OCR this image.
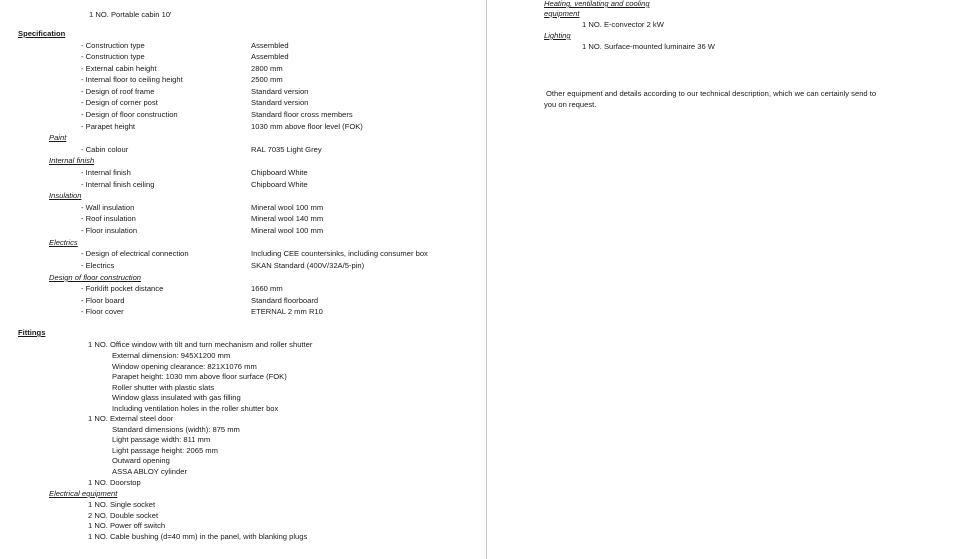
1 NO. Portable cabin 10'
Specification
- Construction type	Assembled
- Construction type	Assembled
- External cabin height	2800 mm
- Internal floor to ceiling height	2500 mm
- Design of roof frame	Standard version
- Design of corner post	Standard version
- Design of floor construction	Standard floor cross members
- Parapet height	1030 mm above floor level (FOK)
Paint
- Cabin colour	RAL 7035 Light Grey
Internal finish
- Internal finish	Chipboard White
- Internal finish ceiling	Chipboard White
Insulation
- Wall insulation	Mineral wool 100 mm
- Roof insulation	Mineral wool 140 mm
- Floor insulation	Mineral wool 100 mm
Electrics
- Design of electrical connection	Including CEE countersinks, including consumer box
- Electrics	SKAN Standard (400V/32A/5-pin)
Design of floor construction
- Forklift pocket distance	1660 mm
- Floor board	Standard floorboard
- Floor cover	ETERNAL 2 mm R10
Fittings
1 NO. Office window with tilt and turn mechanism and roller shutter
External dimension: 945X1200 mm
Window opening clearance: 821X1076 mm
Parapet height: 1030 mm above floor surface (FOK)
Roller shutter with plastic slats
Window glass insulated with gas filling
Including ventilation holes in the roller shutter box
1 NO. External steel door
Standard dimensions (width): 875 mm
Light passage width: 811 mm
Light passage height: 2065 mm
Outward opening
ASSA ABLOY cylinder
1 NO. Doorstop
Electrical equipment
1 NO. Single socket
2 NO. Double socket
1 NO. Power off switch
1 NO. Cable bushing (d=40 mm) in the panel, with blanking plugs
Heating, ventilating and cooling
equipment
1 NO. E-convector 2 kW
Lighting
1 NO. Surface-mounted luminaire 36 W
Other equipment and details according to our technical description, which we can certainly send to
you on request.
